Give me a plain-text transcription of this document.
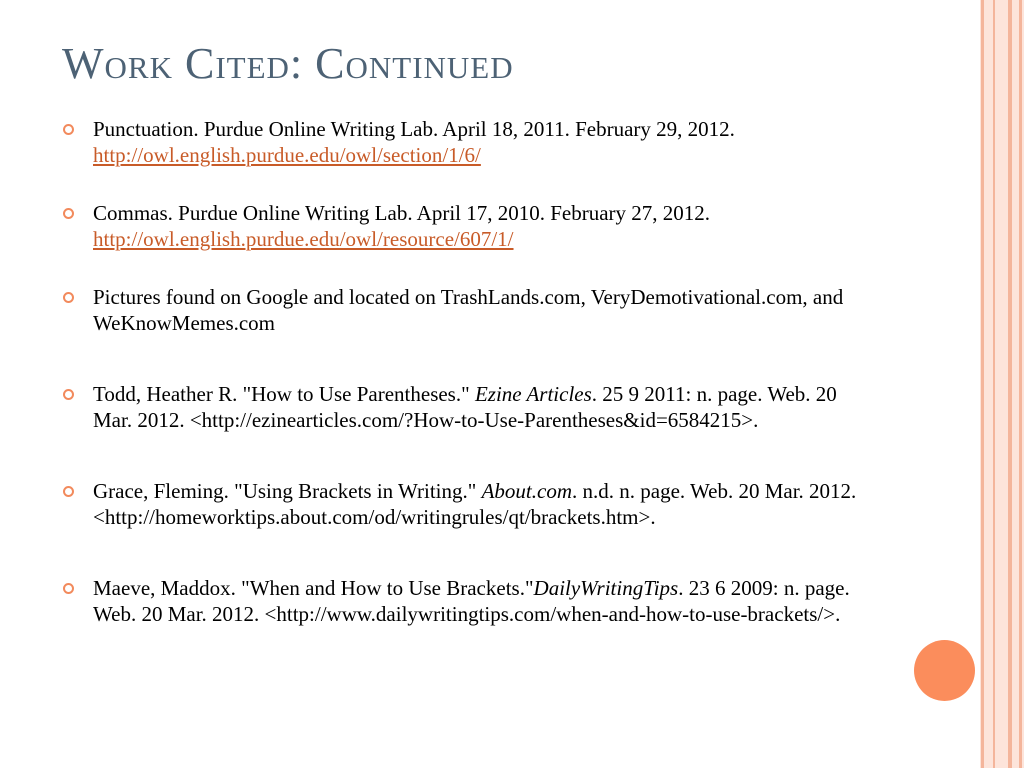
Work Cited: Continued
Punctuation. Purdue Online Writing Lab. April 18, 2011. February 29, 2012. http://owl.english.purdue.edu/owl/section/1/6/
Commas. Purdue Online Writing Lab. April 17, 2010. February 27, 2012. http://owl.english.purdue.edu/owl/resource/607/1/
Pictures found on Google and located on TrashLands.com, VeryDemotivational.com, and WeKnowMemes.com
Todd, Heather R. "How to Use Parentheses." Ezine Articles. 25 9 2011: n. page. Web. 20 Mar. 2012. <http://ezinearticles.com/?How-to-Use-Parentheses&id=6584215>.
Grace, Fleming. "Using Brackets in Writing." About.com. n.d. n. page. Web. 20 Mar. 2012. <http://homeworktips.about.com/od/writingrules/qt/brackets.htm>.
Maeve, Maddox. "When and How to Use Brackets."DailyWritingTips. 23 6 2009: n. page. Web. 20 Mar. 2012. <http://www.dailywritingtips.com/when-and-how-to-use-brackets/>.
